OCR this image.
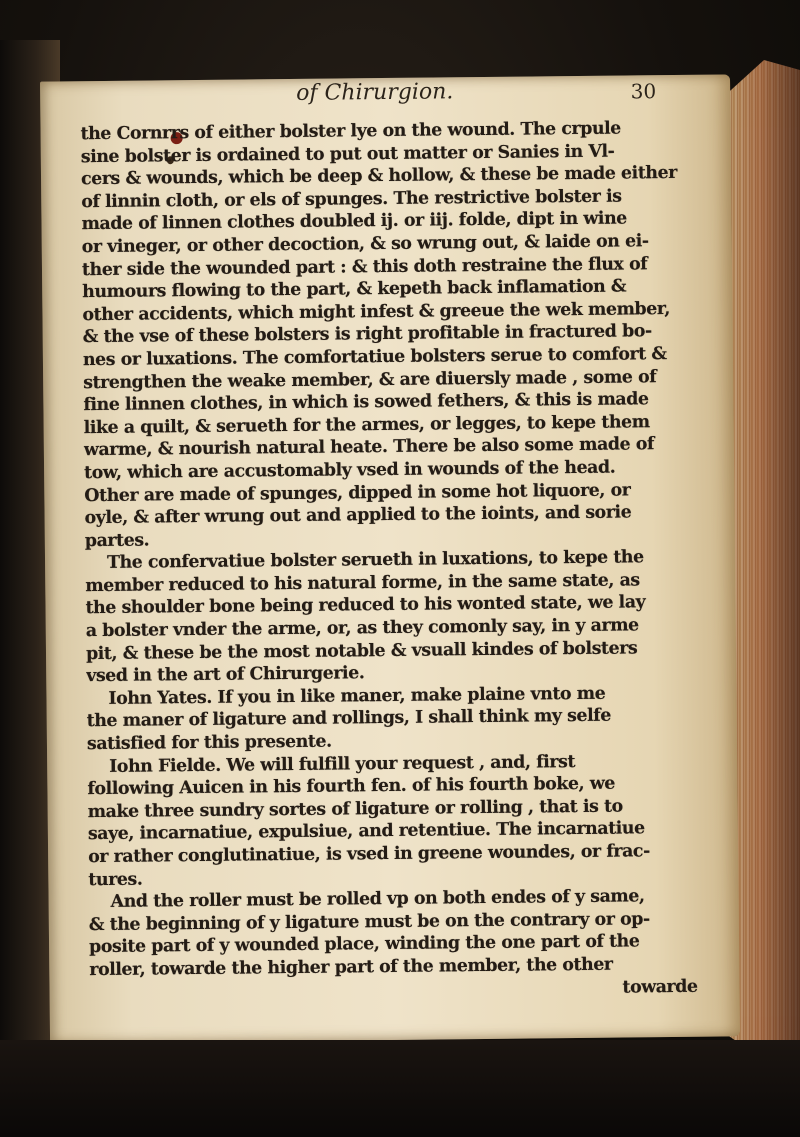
of Chirurgion.	30
the Cornrrs of either bolster lye on the wound. The crpule
sine bolster is ordained to put out matter or Sanies in Vl-
cers & wounds, which be deep & hollow, & these be made either
of linnin cloth, or els of spunges. The restrictive bolster is
made of linnen clothes doubled ij. or iij. folde, dipt in wine
or vineger, or other decoction, & so wrung out, & laide on ei-
ther side the wounded part : & this doth restraine the flux of
humours flowing to the part, & kepeth back inflamation &
other accidents, which might infest & greeue the wek member,
& the vse of these bolsters is right profitable in fractured bo-
nes or luxations. The comfortatiue bolsters serue to comfort &
strengthen the weake member, & are diuersly made , some of
fine linnen clothes, in which is sowed fethers, & this is made
like a quilt, & serueth for the armes, or legges, to kepe them
warme, & nourish natural heate. There be also some made of
tow, which are accustomably vsed in wounds of the head.
Other are made of spunges, dipped in some hot liquore, or
oyle, & after wrung out and applied to the ioints, and sorie
partes.
The confervatiue bolster serueth in luxations, to kepe the
member reduced to his natural forme, in the same state, as
the shoulder bone being reduced to his wonted state, we lay
a bolster vnder the arme, or, as they comonly say, in y arme
pit, & these be the most notable & vsuall kindes of bolsters
vsed in the art of Chirurgerie.
Iohn Yates. If you in like maner, make plaine vnto me
the maner of ligature and rollings, I shall think my selfe
satisfied for this presente.
Iohn Fielde. We will fulfill your request , and, first
following Auicen in his fourth fen. of his fourth boke, we
make three sundry sortes of ligature or rolling , that is to
saye, incarnatiue, expulsiue, and retentiue. The incarnatiue
or rather conglutinatiue, is vsed in greene woundes, or frac-
tures.
And the roller must be rolled vp on both endes of y same,
& the beginning of y ligature must be on the contrary or op-
posite part of y wounded place, winding the one part of the
roller, towarde the higher part of the member, the other
towarde
